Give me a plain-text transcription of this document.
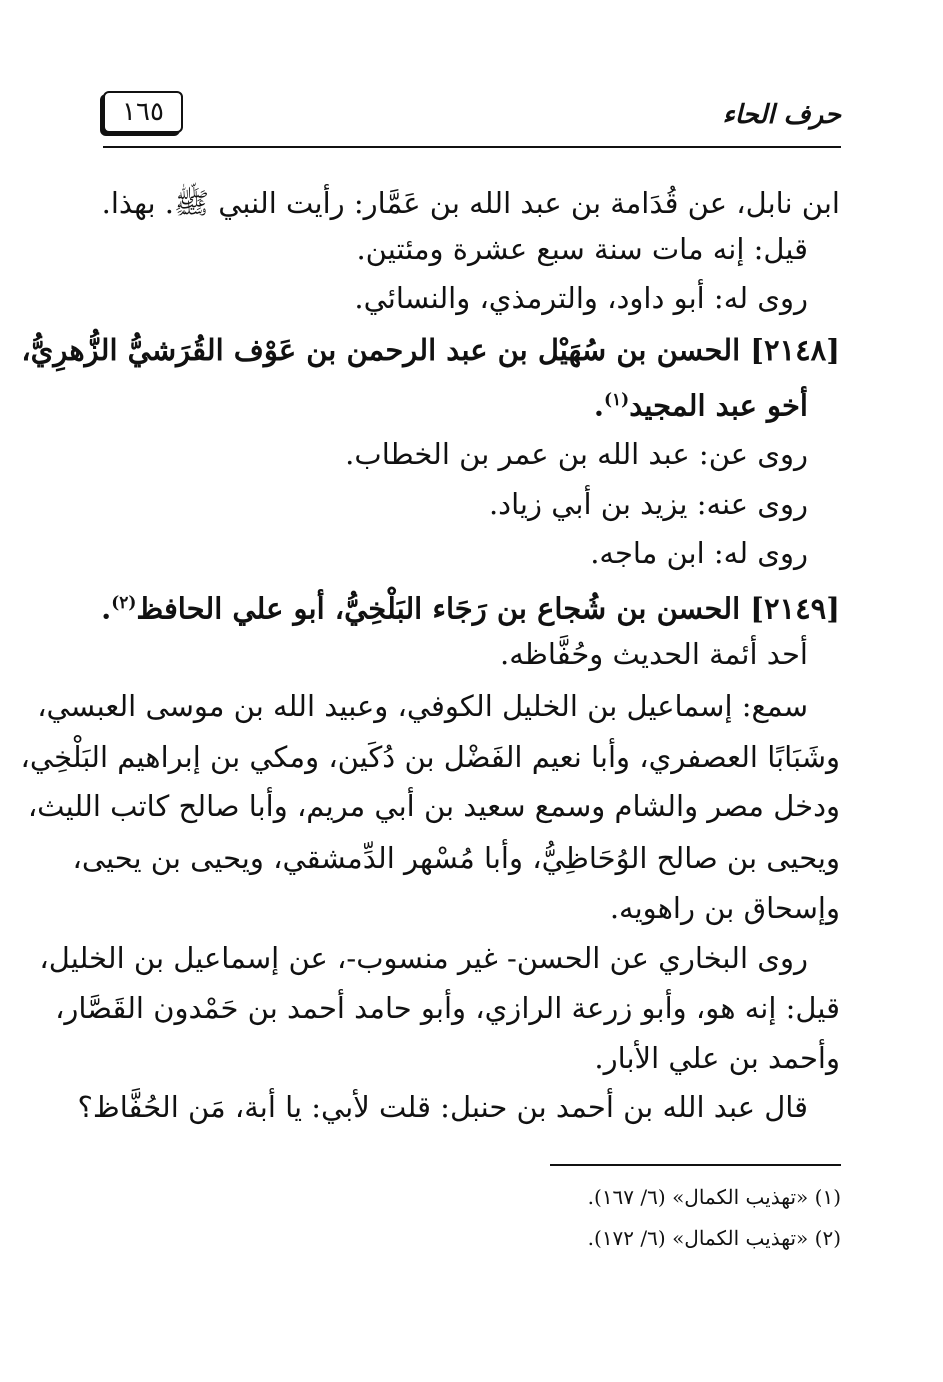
حرف الحاء
١٦٥
ابن نابل، عن قُدَامة بن عبد الله بن عَمَّار: رأيت النبي ﷺ. بهذا.
قيل: إنه مات سنة سبع عشرة ومئتين.
روى له: أبو داود، والترمذي، والنسائي.
[٢١٤٨] الحسن بن سُهَيْل بن عبد الرحمن بن عَوْف القُرَشيُّ الزُّهرِيُّ،
أخو عبد المجيد$^{(١)}$.
روى عن: عبد الله بن عمر بن الخطاب.
روى عنه: يزيد بن أبي زياد.
روى له: ابن ماجه.
[٢١٤٩] الحسن بن شُجاع بن رَجَاء البَلْخِيُّ، أبو علي الحافظ$^{(٢)}$.
أحد أئمة الحديث وحُفَّاظه.
سمع: إسماعيل بن الخليل الكوفي، وعبيد الله بن موسى العبسي،
وشَبَابًا العصفري، وأبا نعيم الفَضْل بن دُكَين، ومكي بن إبراهيم البَلْخِي،
ودخل مصر والشام وسمع سعيد بن أبي مريم، وأبا صالح كاتب الليث،
ويحيى بن صالح الوُحَاظِيُّ، وأبا مُسْهر الدِّمشقي، ويحيى بن يحيى،
وإسحاق بن راهويه.
روى البخاري عن الحسن- غير منسوب-، عن إسماعيل بن الخليل،
قيل: إنه هو، وأبو زرعة الرازي، وأبو حامد أحمد بن حَمْدون القَصَّار،
وأحمد بن علي الأبار.
قال عبد الله بن أحمد بن حنبل: قلت لأبي: يا أبة، مَن الحُفَّاظ؟
(١) «تهذيب الكمال» (٦/ ١٦٧).
(٢) «تهذيب الكمال» (٦/ ١٧٢).
